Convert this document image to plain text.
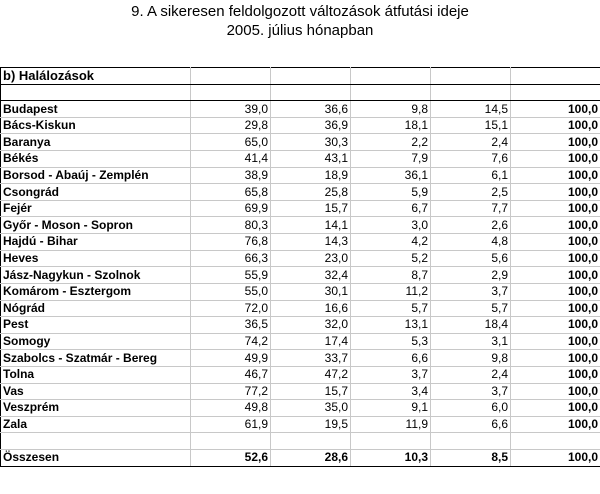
9. A sikeresen feldolgozott változások átfutási ideje
2005. július hónapban
b) Halálozások					

Budapest	39,0	36,6	9,8	14,5	100,0
Bács-Kiskun	29,8	36,9	18,1	15,1	100,0
Baranya	65,0	30,3	2,2	2,4	100,0
Békés	41,4	43,1	7,9	7,6	100,0
Borsod - Abaúj - Zemplén	38,9	18,9	36,1	6,1	100,0
Csongrád	65,8	25,8	5,9	2,5	100,0
Fejér	69,9	15,7	6,7	7,7	100,0
Győr - Moson - Sopron	80,3	14,1	3,0	2,6	100,0
Hajdú - Bihar	76,8	14,3	4,2	4,8	100,0
Heves	66,3	23,0	5,2	5,6	100,0
Jász-Nagykun - Szolnok	55,9	32,4	8,7	2,9	100,0
Komárom - Esztergom	55,0	30,1	11,2	3,7	100,0
Nógrád	72,0	16,6	5,7	5,7	100,0
Pest	36,5	32,0	13,1	18,4	100,0
Somogy	74,2	17,4	5,3	3,1	100,0
Szabolcs - Szatmár - Bereg	49,9	33,7	6,6	9,8	100,0
Tolna	46,7	47,2	3,7	2,4	100,0
Vas	77,2	15,7	3,4	3,7	100,0
Veszprém	49,8	35,0	9,1	6,0	100,0
Zala	61,9	19,5	11,9	6,6	100,0

Összesen	52,6	28,6	10,3	8,5	100,0
